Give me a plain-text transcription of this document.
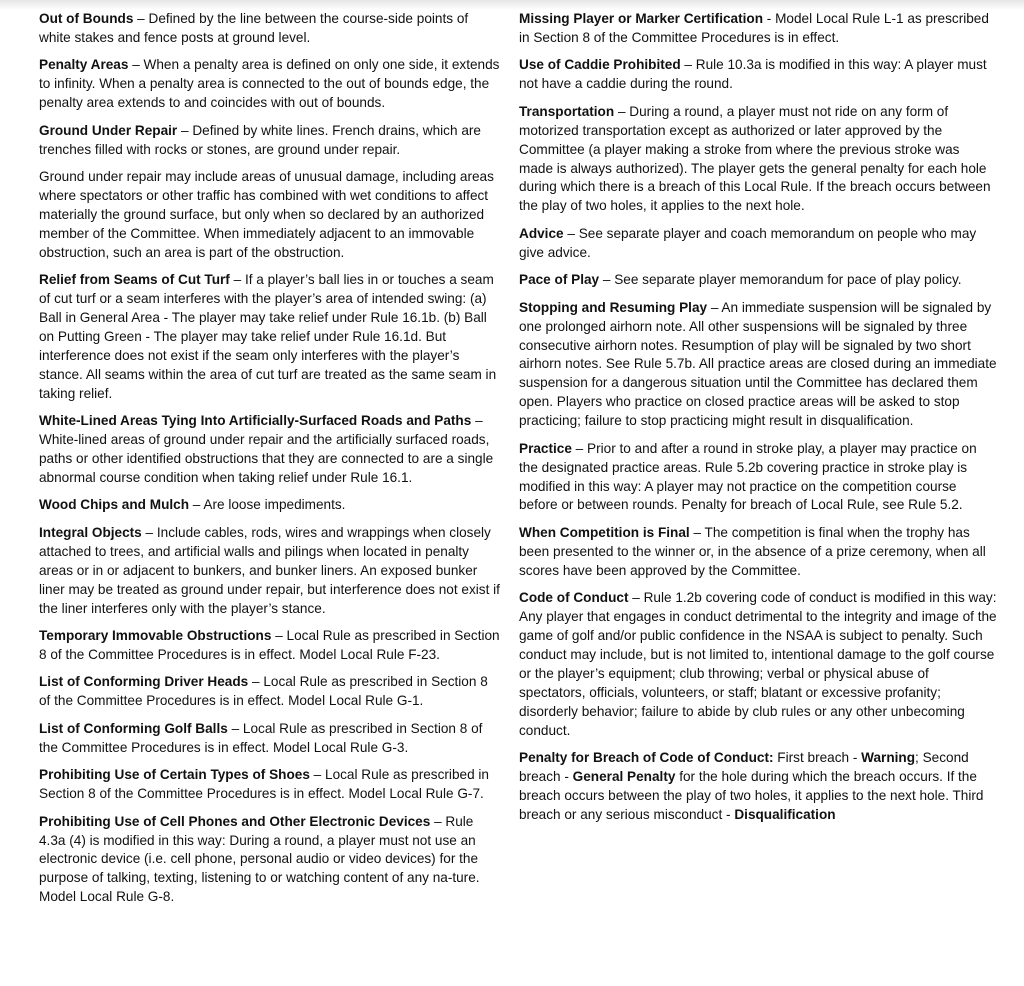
Out of Bounds – Defined by the line between the course-side points of white stakes and fence posts at ground level.

Penalty Areas – When a penalty area is defined on only one side, it extends to infinity. When a penalty area is connected to the out of bounds edge, the penalty area extends to and coincides with out of bounds.

Ground Under Repair – Defined by white lines. French drains, which are trenches filled with rocks or stones, are ground under repair.

Ground under repair may include areas of unusual damage, including areas where spectators or other traffic has combined with wet conditions to affect materially the ground surface, but only when so declared by an authorized member of the Committee. When immediately adjacent to an immovable obstruction, such an area is part of the obstruction.

Relief from Seams of Cut Turf – If a player’s ball lies in or touches a seam of cut turf or a seam interferes with the player’s area of intended swing: (a) Ball in General Area - The player may take relief under Rule 16.1b. (b) Ball on Putting Green - The player may take relief under Rule 16.1d. But interference does not exist if the seam only interferes with the player’s stance. All seams within the area of cut turf are treated as the same seam in taking relief.

White-Lined Areas Tying Into Artificially-Surfaced Roads and Paths – White-lined areas of ground under repair and the artificially surfaced roads, paths or other identified obstructions that they are connected to are a single abnormal course condition when taking relief under Rule 16.1.

Wood Chips and Mulch – Are loose impediments.

Integral Objects – Include cables, rods, wires and wrappings when closely attached to trees, and artificial walls and pilings when located in penalty areas or in or adjacent to bunkers, and bunker liners. An exposed bunker liner may be treated as ground under repair, but interference does not exist if the liner interferes only with the player’s stance.

Temporary Immovable Obstructions – Local Rule as prescribed in Section 8 of the Committee Procedures is in effect. Model Local Rule F-23.

List of Conforming Driver Heads – Local Rule as prescribed in Section 8 of the Committee Procedures is in effect. Model Local Rule G-1.

List of Conforming Golf Balls – Local Rule as prescribed in Section 8 of the Committee Procedures is in effect. Model Local Rule G-3.

Prohibiting Use of Certain Types of Shoes – Local Rule as prescribed in Section 8 of the Committee Procedures is in effect. Model Local Rule G-7.

Prohibiting Use of Cell Phones and Other Electronic Devices – Rule 4.3a (4) is modified in this way: During a round, a player must not use an electronic device (i.e. cell phone, personal audio or video devices) for the purpose of talking, texting, listening to or watching content of any na-ture. Model Local Rule G-8.

Missing Player or Marker Certification - Model Local Rule L-1 as prescribed in Section 8 of the Committee Procedures is in effect.

Use of Caddie Prohibited – Rule 10.3a is modified in this way: A player must not have a caddie during the round.

Transportation – During a round, a player must not ride on any form of motorized transportation except as authorized or later approved by the Committee (a player making a stroke from where the previous stroke was made is always authorized). The player gets the general penalty for each hole during which there is a breach of this Local Rule. If the breach occurs between the play of two holes, it applies to the next hole.

Advice – See separate player and coach memorandum on people who may give advice.

Pace of Play – See separate player memorandum for pace of play policy.

Stopping and Resuming Play – An immediate suspension will be signaled by one prolonged airhorn note. All other suspensions will be signaled by three consecutive airhorn notes. Resumption of play will be signaled by two short airhorn notes. See Rule 5.7b. All practice areas are closed during an immediate suspension for a dangerous situation until the Committee has declared them open. Players who practice on closed practice areas will be asked to stop practicing; failure to stop practicing might result in disqualification.

Practice – Prior to and after a round in stroke play, a player may practice on the designated practice areas. Rule 5.2b covering practice in stroke play is modified in this way: A player may not practice on the competition course before or between rounds. Penalty for breach of Local Rule, see Rule 5.2.

When Competition is Final – The competition is final when the trophy has been presented to the winner or, in the absence of a prize ceremony, when all scores have been approved by the Committee.

Code of Conduct – Rule 1.2b covering code of conduct is modified in this way: Any player that engages in conduct detrimental to the integrity and image of the game of golf and/or public confidence in the NSAA is subject to penalty. Such conduct may include, but is not limited to, intentional damage to the golf course or the player’s equipment; club throwing; verbal or physical abuse of spectators, officials, volunteers, or staff; blatant or excessive profanity; disorderly behavior; failure to abide by club rules or any other unbecoming conduct.

Penalty for Breach of Code of Conduct: First breach - Warning; Second breach - General Penalty for the hole during which the breach occurs. If the breach occurs between the play of two holes, it applies to the next hole. Third breach or any serious misconduct - Disqualification
